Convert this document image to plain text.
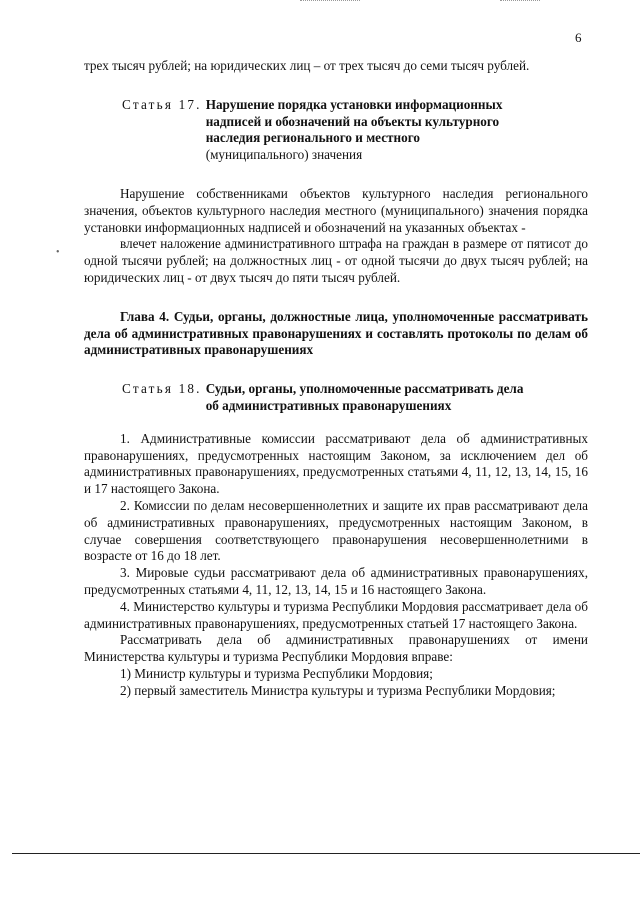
6

трех тысяч рублей; на юридических лиц – от трех тысяч до семи тысяч рублей.

Статья 17. Нарушение порядка установки информационных
надписей и обозначений на объекты культурного
наследия регионального и местного
(муниципального) значения

Нарушение собственниками объектов культурного наследия регионального значения, объектов культурного наследия местного (муниципального) значения порядка установки информационных надписей и обозначений на указанных объектах -

влечет наложение административного штрафа на граждан в размере от пятисот до одной тысячи рублей; на должностных лиц - от одной тысячи до двух тысяч рублей; на юридических лиц - от двух тысяч до пяти тысяч рублей.

Глава 4. Судьи, органы, должностные лица, уполномоченные рассматривать дела об административных правонарушениях и составлять протоколы по делам об административных правонарушениях

Статья 18. Судьи, органы, уполномоченные рассматривать дела
об административных правонарушениях

1. Административные комиссии рассматривают дела об административных правонарушениях, предусмотренных настоящим Законом, за исключением дел об административных правонарушениях, предусмотренных статьями 4, 11, 12, 13, 14, 15, 16 и 17 настоящего Закона.

2. Комиссии по делам несовершеннолетних и защите их прав рассматривают дела об административных правонарушениях, предусмотренных настоящим Законом, в случае совершения соответствующего правонарушения несовершеннолетними в возрасте от 16 до 18 лет.

3. Мировые судьи рассматривают дела об административных правонарушениях, предусмотренных статьями 4, 11, 12, 13, 14, 15 и 16 настоящего Закона.

4. Министерство культуры и туризма Республики Мордовия рассматривает дела об административных правонарушениях, предусмотренных статьей 17 настоящего Закона.

Рассматривать дела об административных правонарушениях от имени Министерства культуры и туризма Республики Мордовия вправе:

1) Министр культуры и туризма Республики Мордовия;

2) первый заместитель Министра культуры и туризма Республики Мордовия;

•
